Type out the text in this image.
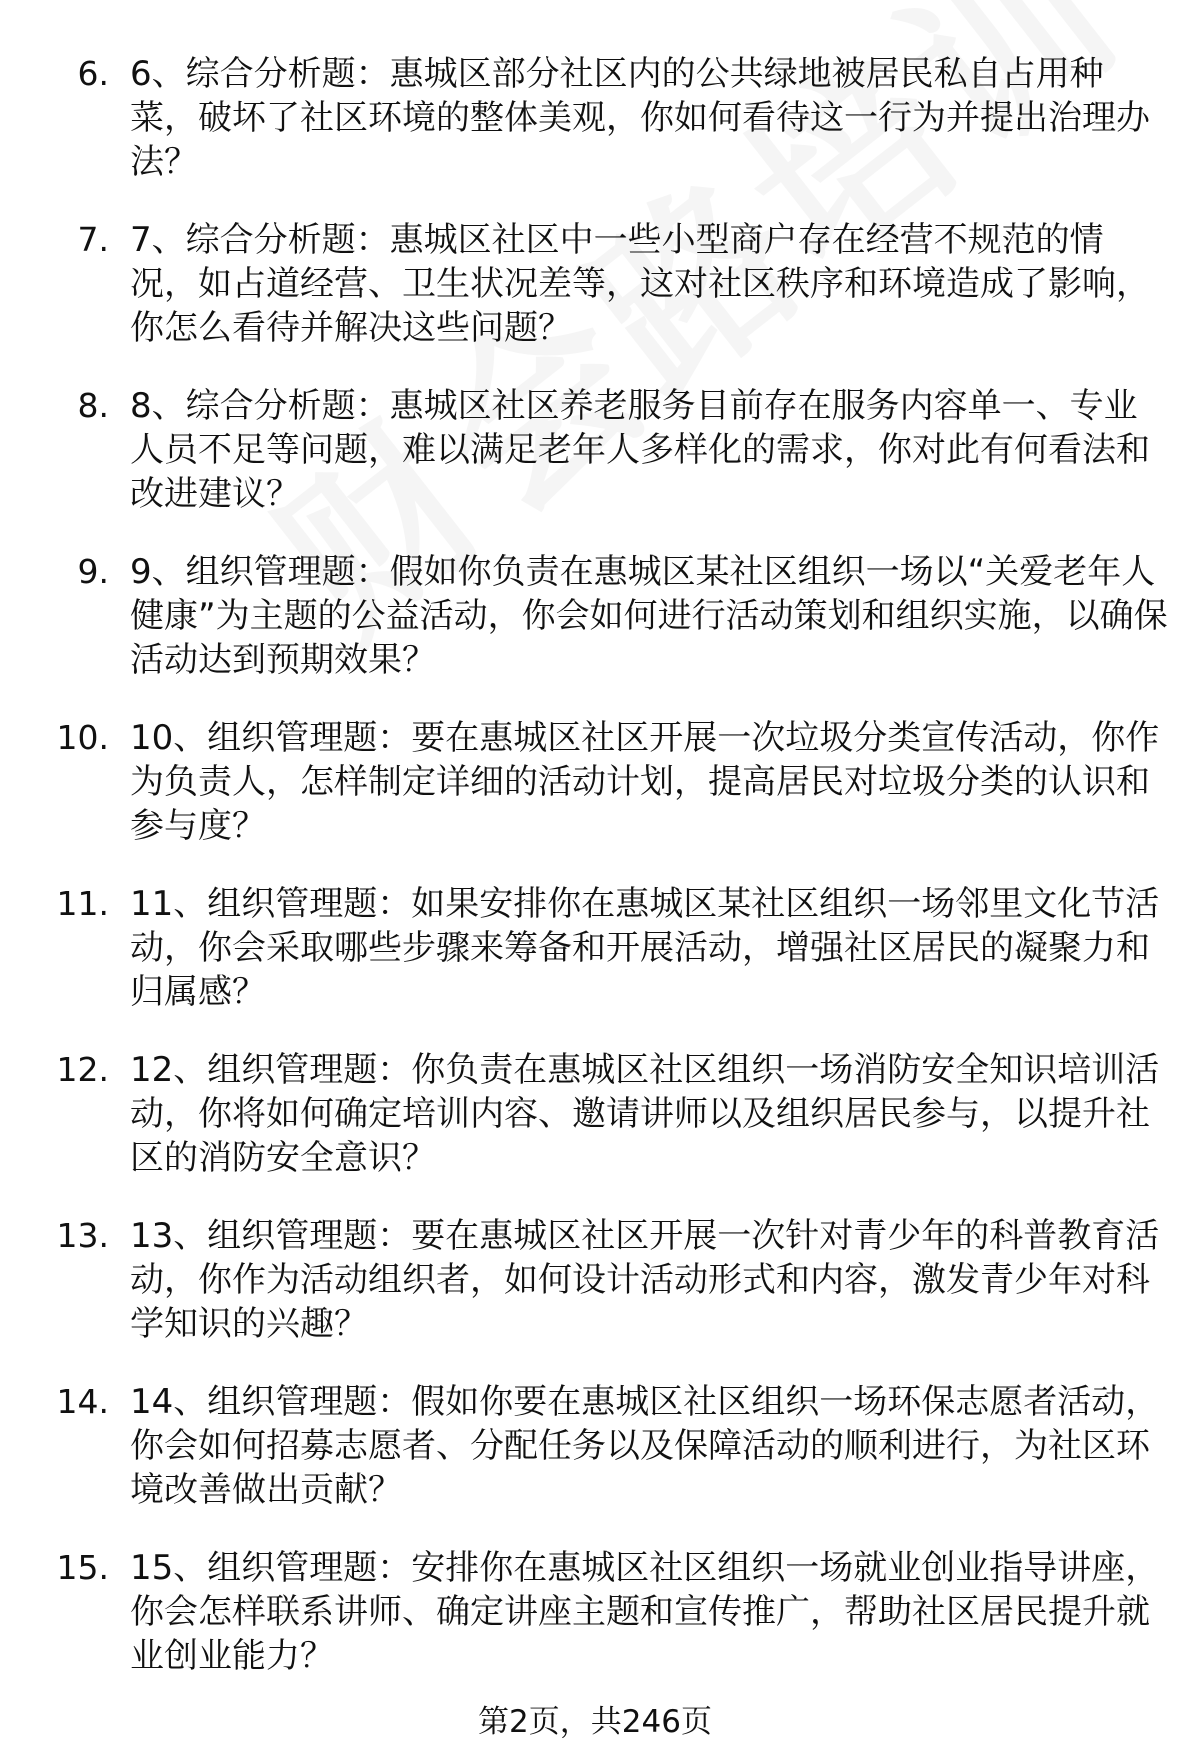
6. 6、综合分析题：惠城区部分社区内的公共绿地被居民私自占用种菜，破坏了社区环境的整体美观，你如何看待这一行为并提出治理办法？
7. 7、综合分析题：惠城区社区中一些小型商户存在经营不规范的情况，如占道经营、卫生状况差等，这对社区秩序和环境造成了影响，你怎么看待并解决这些问题？
8. 8、综合分析题：惠城区社区养老服务目前存在服务内容单一、专业人员不足等问题，难以满足老年人多样化的需求，你对此有何看法和改进建议？
9. 9、组织管理题：假如你负责在惠城区某社区组织一场以“关爱老年人健康”为主题的公益活动，你会如何进行活动策划和组织实施，以确保活动达到预期效果？
10. 10、组织管理题：要在惠城区社区开展一次垃圾分类宣传活动，你作为负责人，怎样制定详细的活动计划，提高居民对垃圾分类的认识和参与度？
11. 11、组织管理题：如果安排你在惠城区某社区组织一场邻里文化节活动，你会采取哪些步骤来筹备和开展活动，增强社区居民的凝聚力和归属感？
12. 12、组织管理题：你负责在惠城区社区组织一场消防安全知识培训活动，你将如何确定培训内容、邀请讲师以及组织居民参与，以提升社区的消防安全意识？
13. 13、组织管理题：要在惠城区社区开展一次针对青少年的科普教育活动，你作为活动组织者，如何设计活动形式和内容，激发青少年对科学知识的兴趣？
14. 14、组织管理题：假如你要在惠城区社区组织一场环保志愿者活动，你会如何招募志愿者、分配任务以及保障活动的顺利进行，为社区环境改善做出贡献？
15. 15、组织管理题：安排你在惠城区社区组织一场就业创业指导讲座，你会怎样联系讲师、确定讲座主题和宣传推广，帮助社区居民提升就业创业能力？
第2页，共246页
